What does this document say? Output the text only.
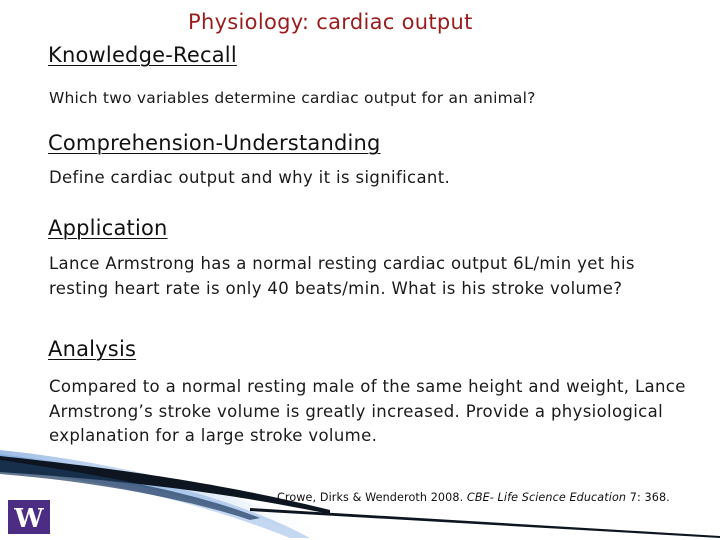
Physiology: cardiac output
Knowledge-Recall
Which two variables determine cardiac output for an animal?
Comprehension-Understanding
Define cardiac output and why it is significant.
Application
Lance Armstrong has a normal resting cardiac output 6L/min yet his resting heart rate is only 40 beats/min. What is his stroke volume?
Analysis
Compared to a normal resting male of the same height and weight, Lance Armstrong’s stroke volume is greatly increased. Provide a physiological explanation for a large stroke volume.
W
Crowe, Dirks & Wenderoth 2008. CBE- Life Science Education 7: 368.
